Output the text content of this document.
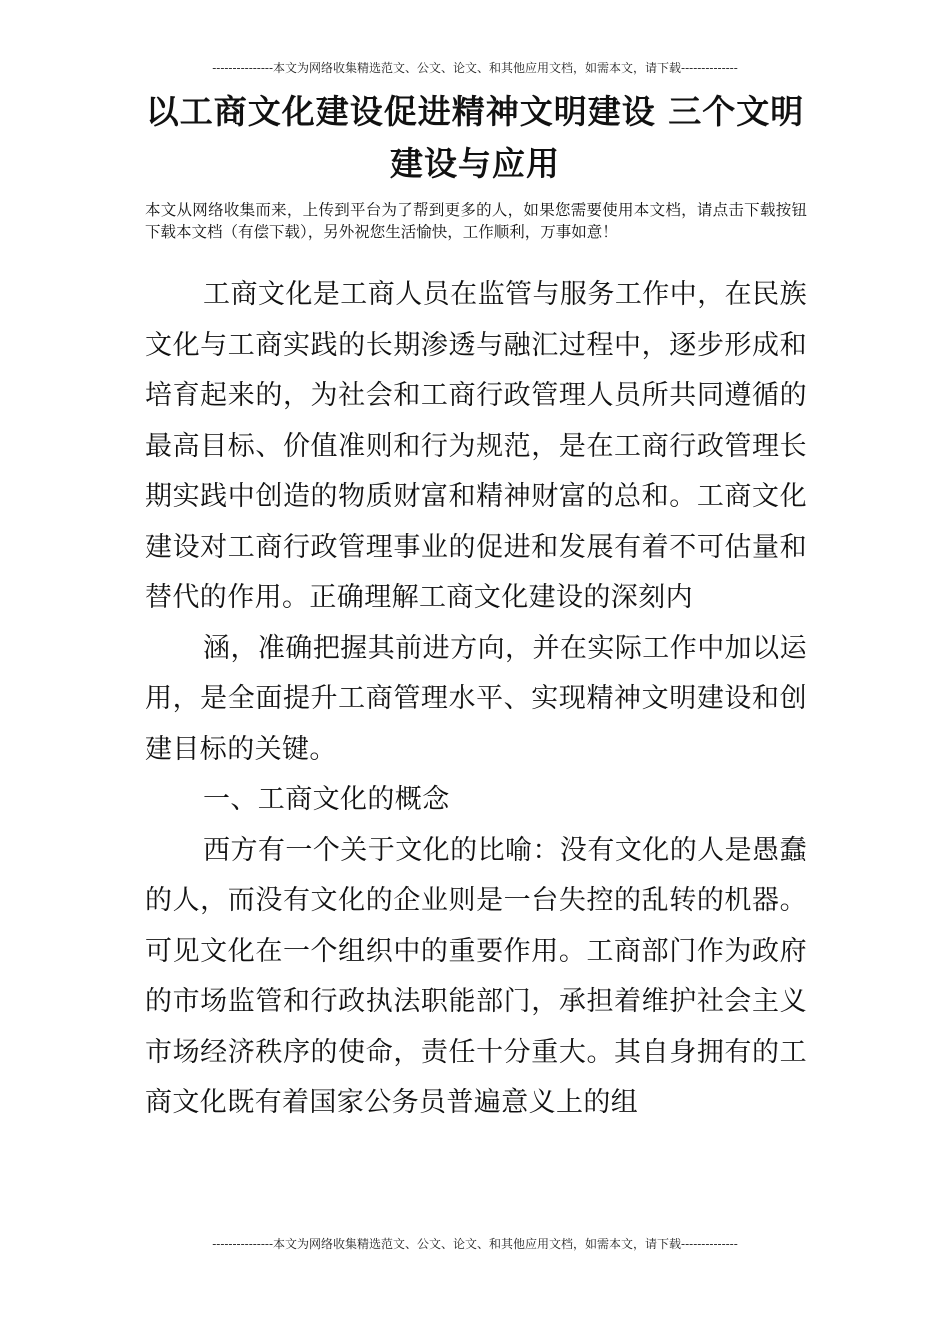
---------------本文为网络收集精选范文、公文、论文、和其他应用文档，如需本文，请下载--------------
以工商文化建设促进精神文明建设 三个文明建设与应用

本文从网络收集而来，上传到平台为了帮到更多的人，如果您需要使用本文档，请点击下载按钮下载本文档（有偿下载），另外祝您生活愉快，工作顺利，万事如意！

工商文化是工商人员在监管与服务工作中，在民族文化与工商实践的长期渗透与融汇过程中，逐步形成和培育起来的，为社会和工商行政管理人员所共同遵循的最高目标、价值准则和行为规范，是在工商行政管理长期实践中创造的物质财富和精神财富的总和。工商文化建设对工商行政管理事业的促进和发展有着不可估量和替代的作用。正确理解工商文化建设的深刻内

涵，准确把握其前进方向，并在实际工作中加以运用，是全面提升工商管理水平、实现精神文明建设和创建目标的关键。

一、工商文化的概念

西方有一个关于文化的比喻：没有文化的人是愚蠢的人，而没有文化的企业则是一台失控的乱转的机器。可见文化在一个组织中的重要作用。工商部门作为政府的市场监管和行政执法职能部门，承担着维护社会主义市场经济秩序的使命，责任十分重大。其自身拥有的工商文化既有着国家公务员普遍意义上的组

---------------本文为网络收集精选范文、公文、论文、和其他应用文档，如需本文，请下载--------------
